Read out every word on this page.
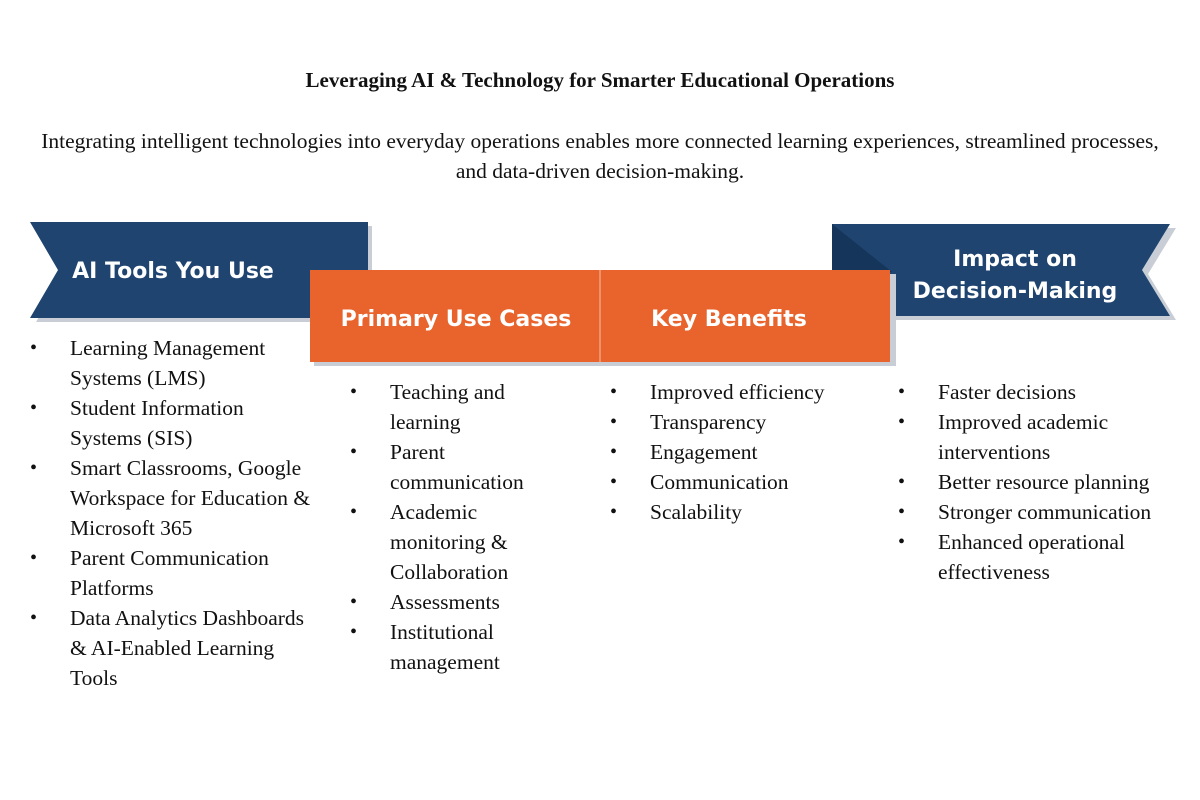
Leveraging AI & Technology for Smarter Educational Operations
Integrating intelligent technologies into everyday operations enables more connected learning experiences, streamlined processes, and data-driven decision-making.
AI Tools You Use
Primary Use Cases	Key Benefits
Impact on
Decision-Making
• Learning Management Systems (LMS)
• Student Information Systems (SIS)
• Smart Classrooms, Google Workspace for Education & Microsoft 365
• Parent Communication Platforms
• Data Analytics Dashboards & AI-Enabled Learning Tools
• Teaching and learning
• Parent communication
• Academic monitoring & Collaboration
• Assessments
• Institutional management
• Improved efficiency
• Transparency
• Engagement
• Communication
• Scalability
• Faster decisions
• Improved academic interventions
• Better resource planning
• Stronger communication
• Enhanced operational effectiveness
